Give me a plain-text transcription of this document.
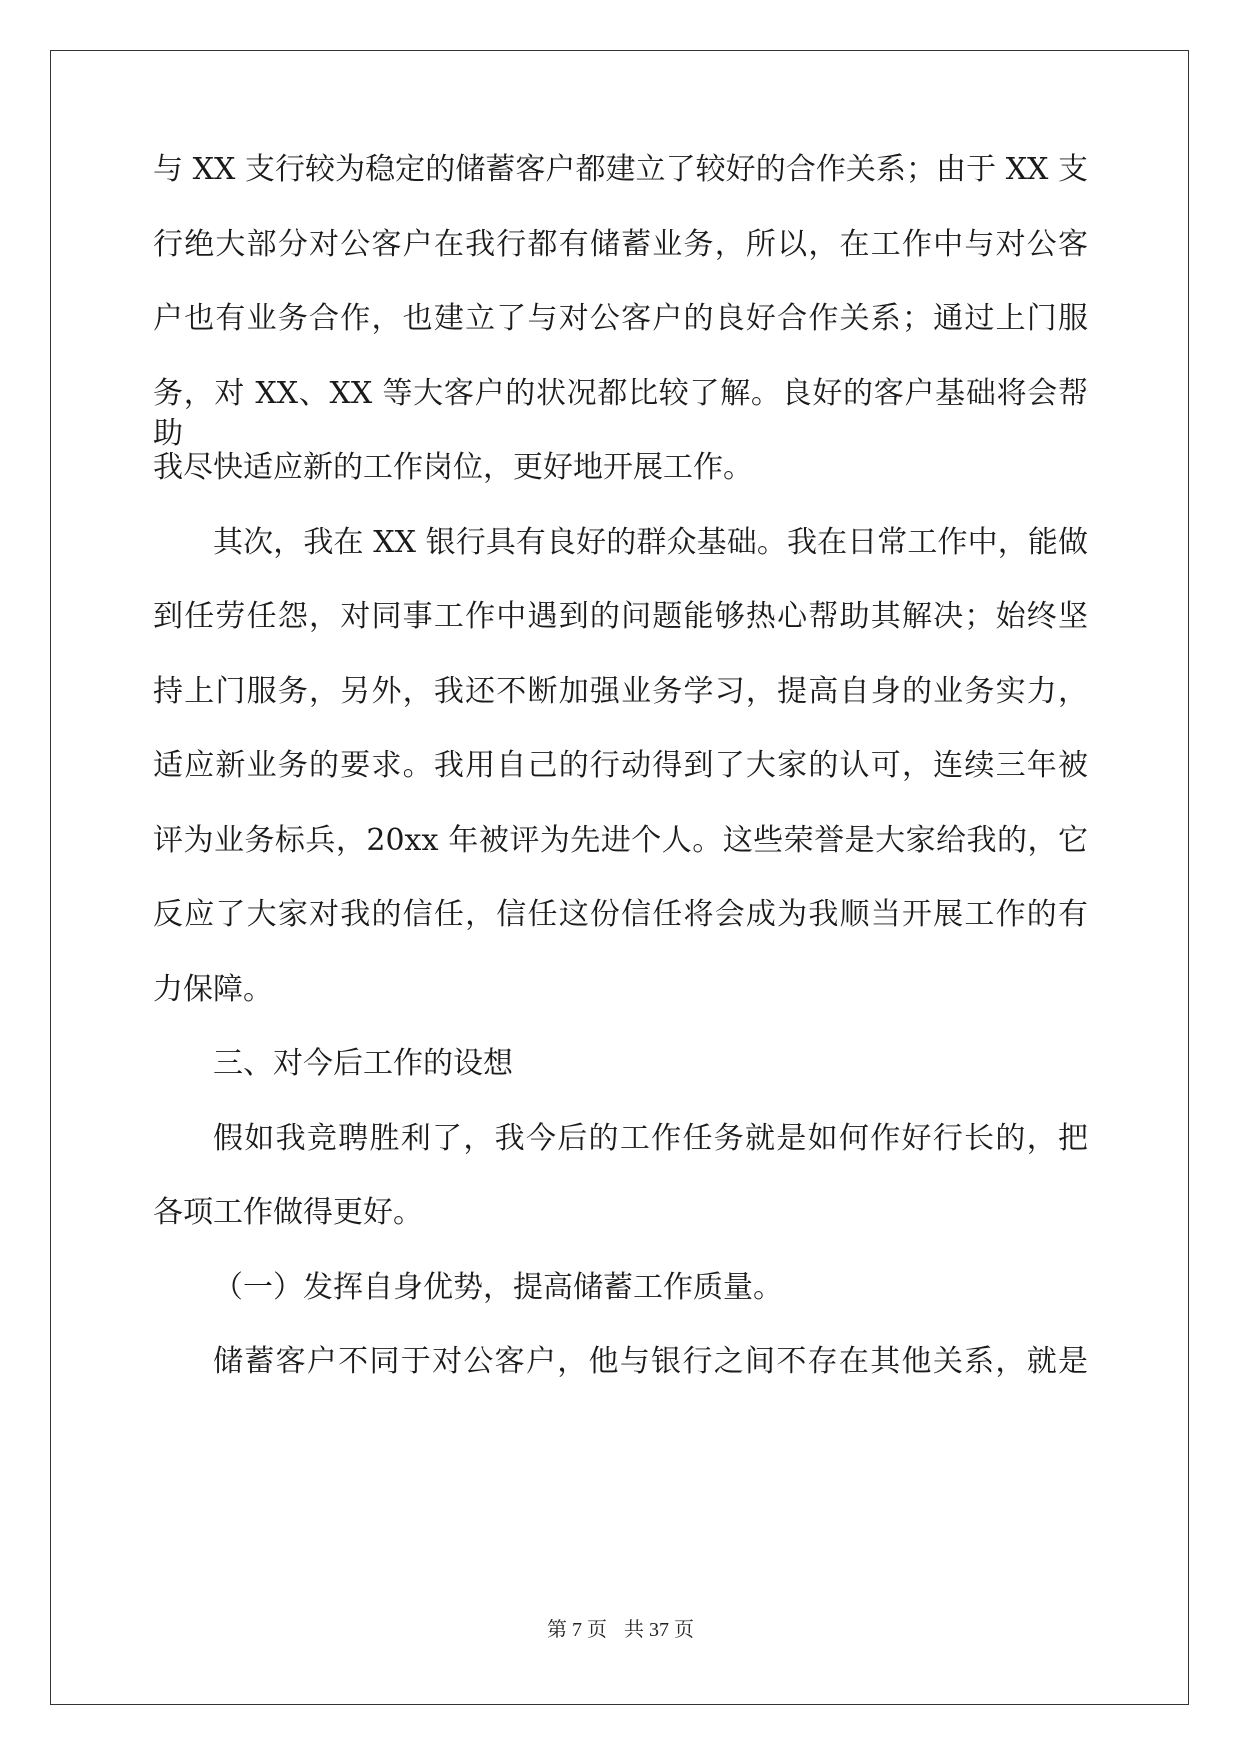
与 XX 支行较为稳定的储蓄客户都建立了较好的合作关系；由于 XX 支
行绝大部分对公客户在我行都有储蓄业务，所以，在工作中与对公客
户也有业务合作，也建立了与对公客户的良好合作关系；通过上门服
务，对 XX、XX 等大客户的状况都比较了解。良好的客户基础将会帮助
我尽快适应新的工作岗位，更好地开展工作。
其次，我在 XX 银行具有良好的群众基础。我在日常工作中，能做
到任劳任怨，对同事工作中遇到的问题能够热心帮助其解决；始终坚
持上门服务，另外，我还不断加强业务学习，提高自身的业务实力，
适应新业务的要求。我用自己的行动得到了大家的认可，连续三年被
评为业务标兵，20xx 年被评为先进个人。这些荣誉是大家给我的，它
反应了大家对我的信任，信任这份信任将会成为我顺当开展工作的有
力保障。
三、对今后工作的设想
假如我竞聘胜利了，我今后的工作任务就是如何作好行长的，把
各项工作做得更好。
（一）发挥自身优势，提高储蓄工作质量。
储蓄客户不同于对公客户，他与银行之间不存在其他关系，就是
第 7 页 共 37 页
